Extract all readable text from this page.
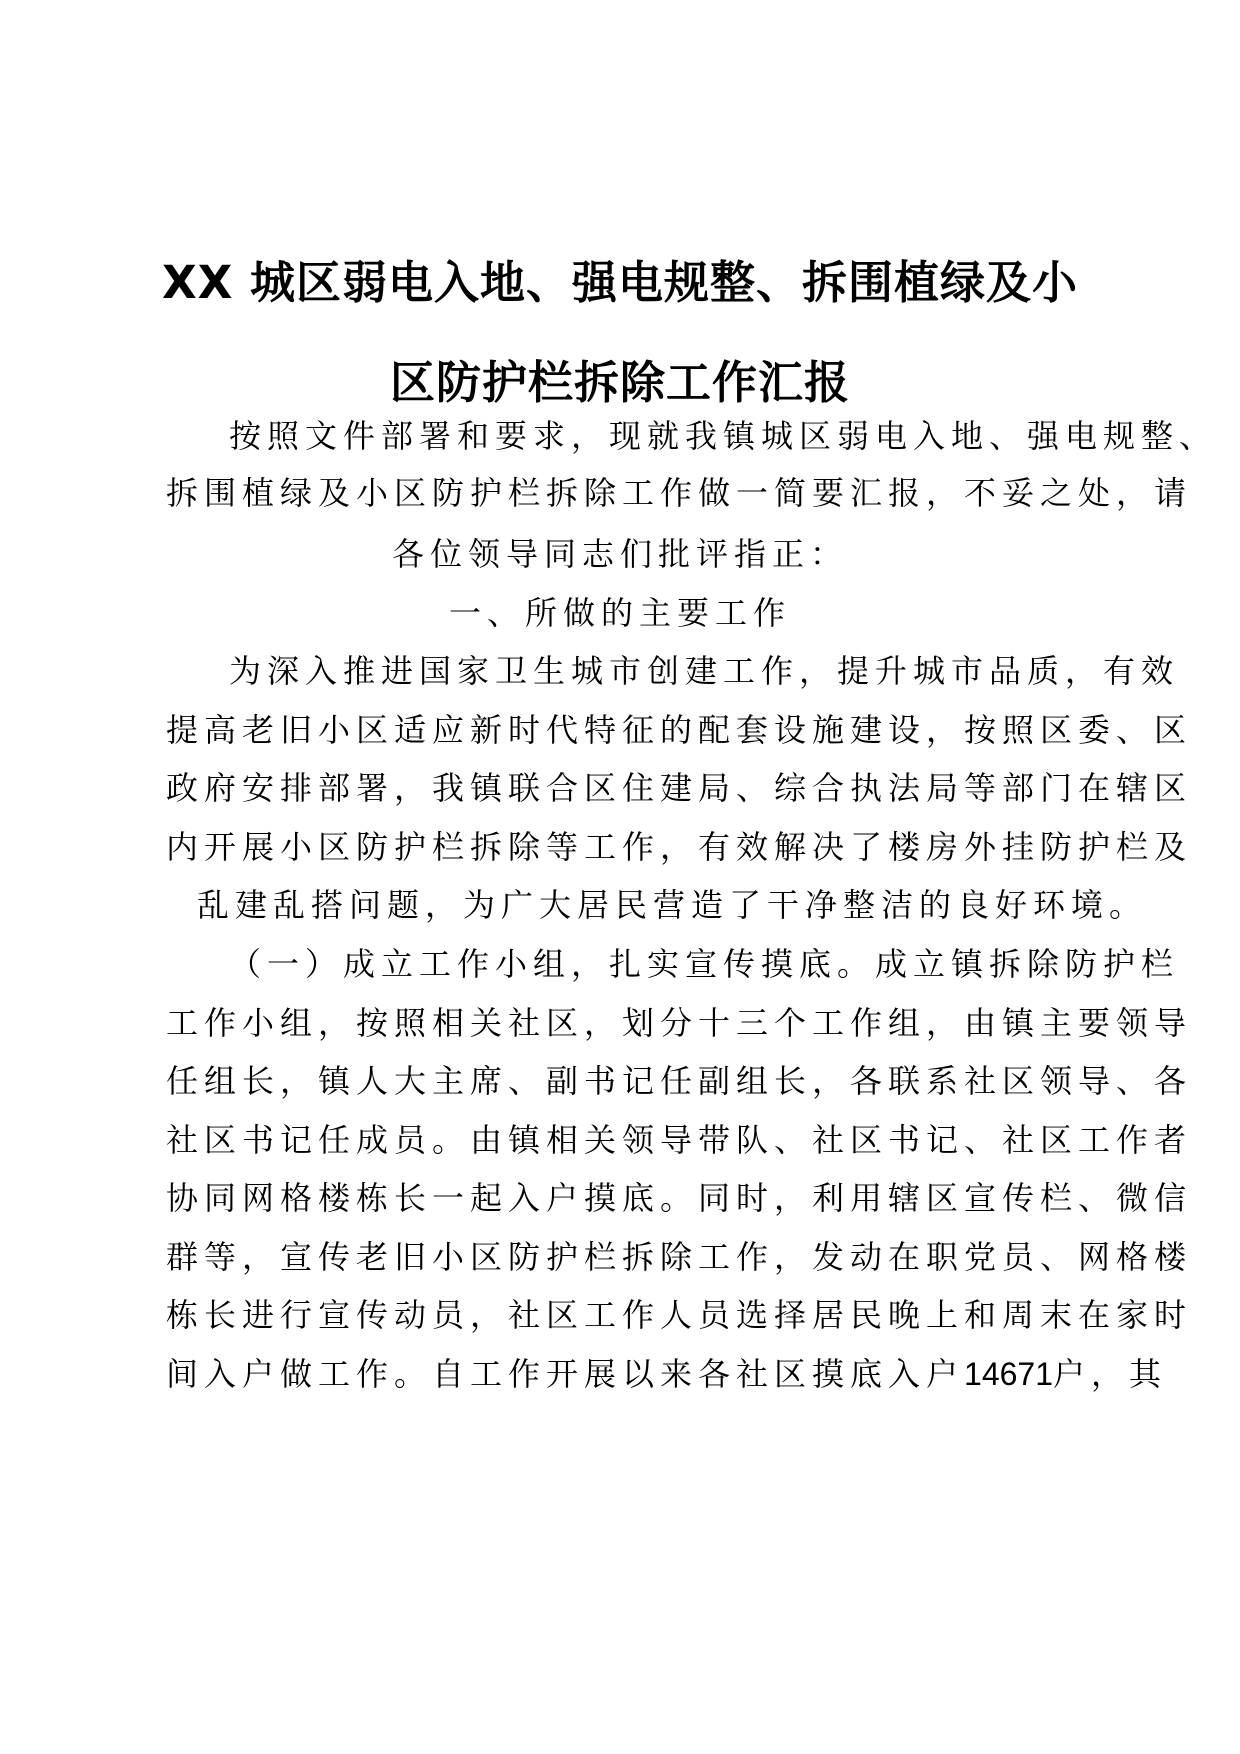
XX 城区弱电入地、强电规整、拆围植绿及小
区防护栏拆除工作汇报
按照文件部署和要求，现就我镇城区弱电入地、强电规整、
拆围植绿及小区防护栏拆除工作做一简要汇报，不妥之处，请
各位领导同志们批评指正：
一、所做的主要工作
为深入推进国家卫生城市创建工作，提升城市品质，有效
提高老旧小区适应新时代特征的配套设施建设，按照区委、区
政府安排部署，我镇联合区住建局、综合执法局等部门在辖区
内开展小区防护栏拆除等工作，有效解决了楼房外挂防护栏及
乱建乱搭问题，为广大居民营造了干净整洁的良好环境。
（一）成立工作小组，扎实宣传摸底。成立镇拆除防护栏
工作小组，按照相关社区，划分十三个工作组，由镇主要领导
任组长，镇人大主席、副书记任副组长，各联系社区领导、各
社区书记任成员。由镇相关领导带队、社区书记、社区工作者
协同网格楼栋长一起入户摸底。同时，利用辖区宣传栏、微信
群等，宣传老旧小区防护栏拆除工作，发动在职党员、网格楼
栋长进行宣传动员，社区工作人员选择居民晚上和周末在家时
间入户做工作。自工作开展以来各社区摸底入户14671户，其
